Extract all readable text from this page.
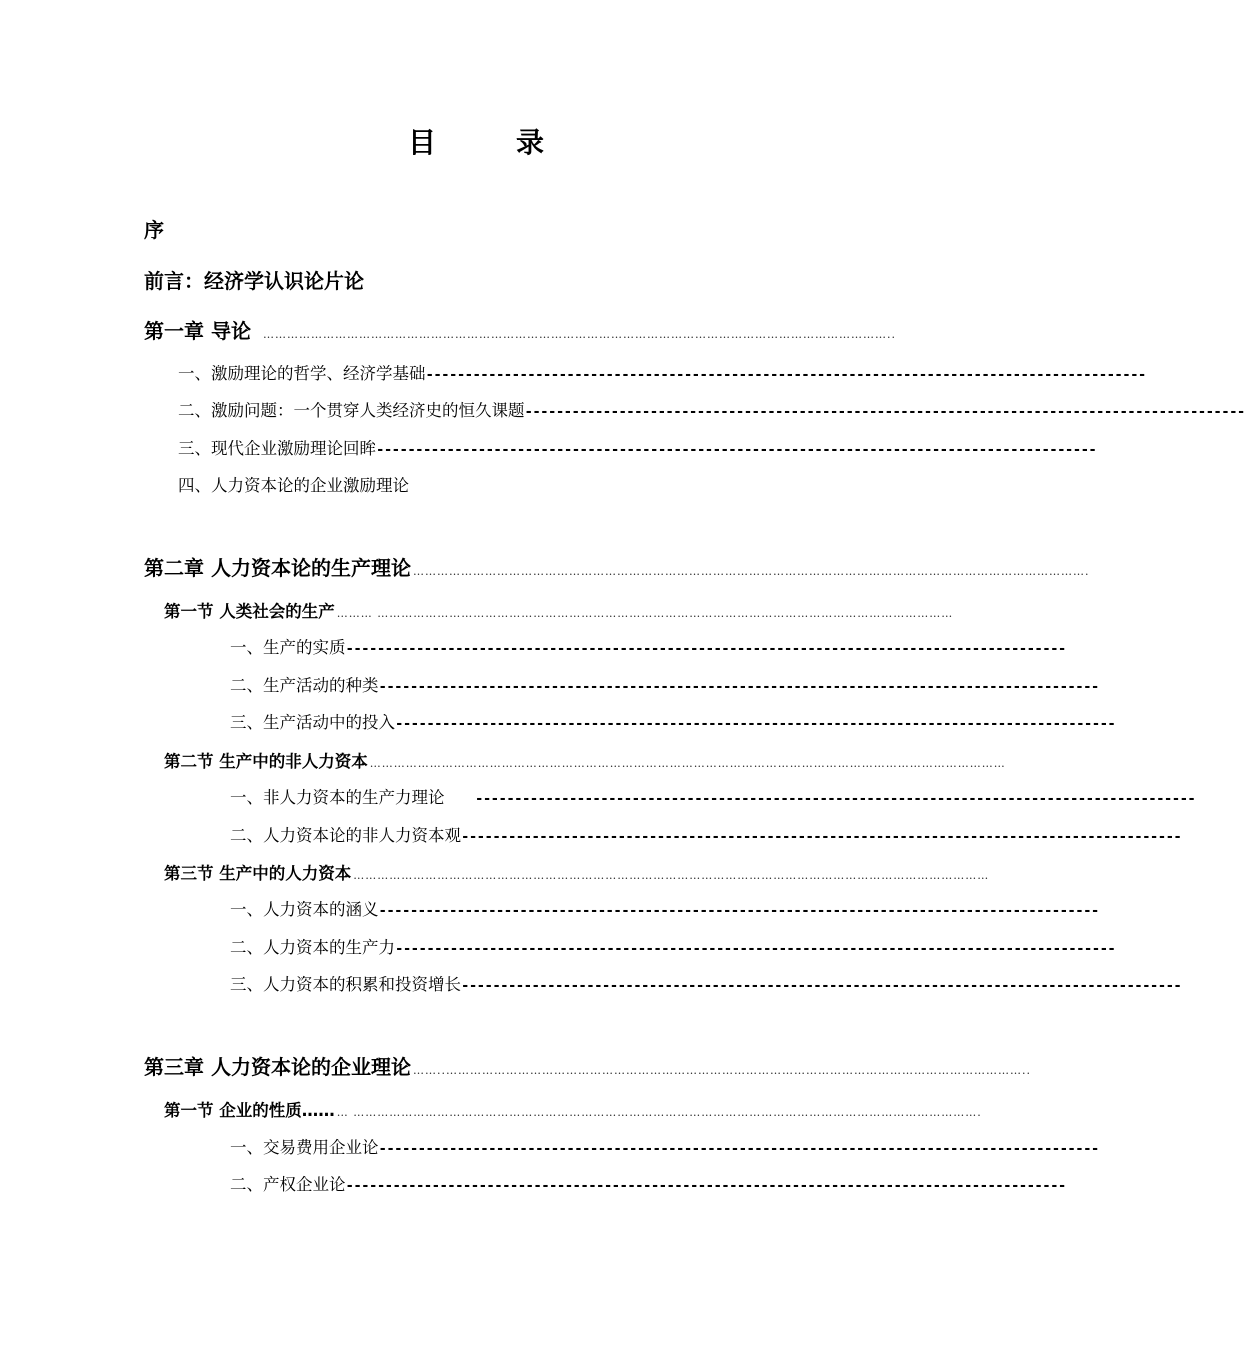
目　录
序
前言：经济学认识论片论
第一章 导论 …………………………………………………………………………………………………………………………………………..
一、激励理论的哲学、经济学基础 --------------------------------------------------------------------------------------------
二、激励问题：一个贯穿人类经济史的恒久课题 --------------------------------------------------------------------------------------------
三、现代企业激励理论回眸 --------------------------------------------------------------------------------------------
四、人力资本论的企业激励理论
第二章 人力资本论的生产理论 …………………………………………………………………………………………………………………………………………………….
第一节 人类社会的生产 ……… ………………………………………………………………………………………………………………………………
一、生产的实质 --------------------------------------------------------------------------------------------
二、生产活动的种类 --------------------------------------------------------------------------------------------
三、生产活动中的投入 --------------------------------------------------------------------------------------------
第二节 生产中的非人力资本 ……………………………………………………………………………………………………………………………………………
一、非人力资本的生产力理论　 --------------------------------------------------------------------------------------------
二、人力资本论的非人力资本观 --------------------------------------------------------------------------------------------
第三节 生产中的人力资本 ……………………………………………………………………………………………………………………………………………
一、人力资本的涵义 --------------------------------------------------------------------------------------------
二、人力资本的生产力 --------------------------------------------------------------------------------------------
三、人力资本的积累和投资增长 --------------------------------------------------------------------------------------------
第三章 人力资本论的企业理论 ……..………………………………………………………………………………………………………………………………..
第一节 企业的性质…… … ………………………………………………………………………………………………………………………………………….
一、交易费用企业论 --------------------------------------------------------------------------------------------
二、产权企业论 --------------------------------------------------------------------------------------------
